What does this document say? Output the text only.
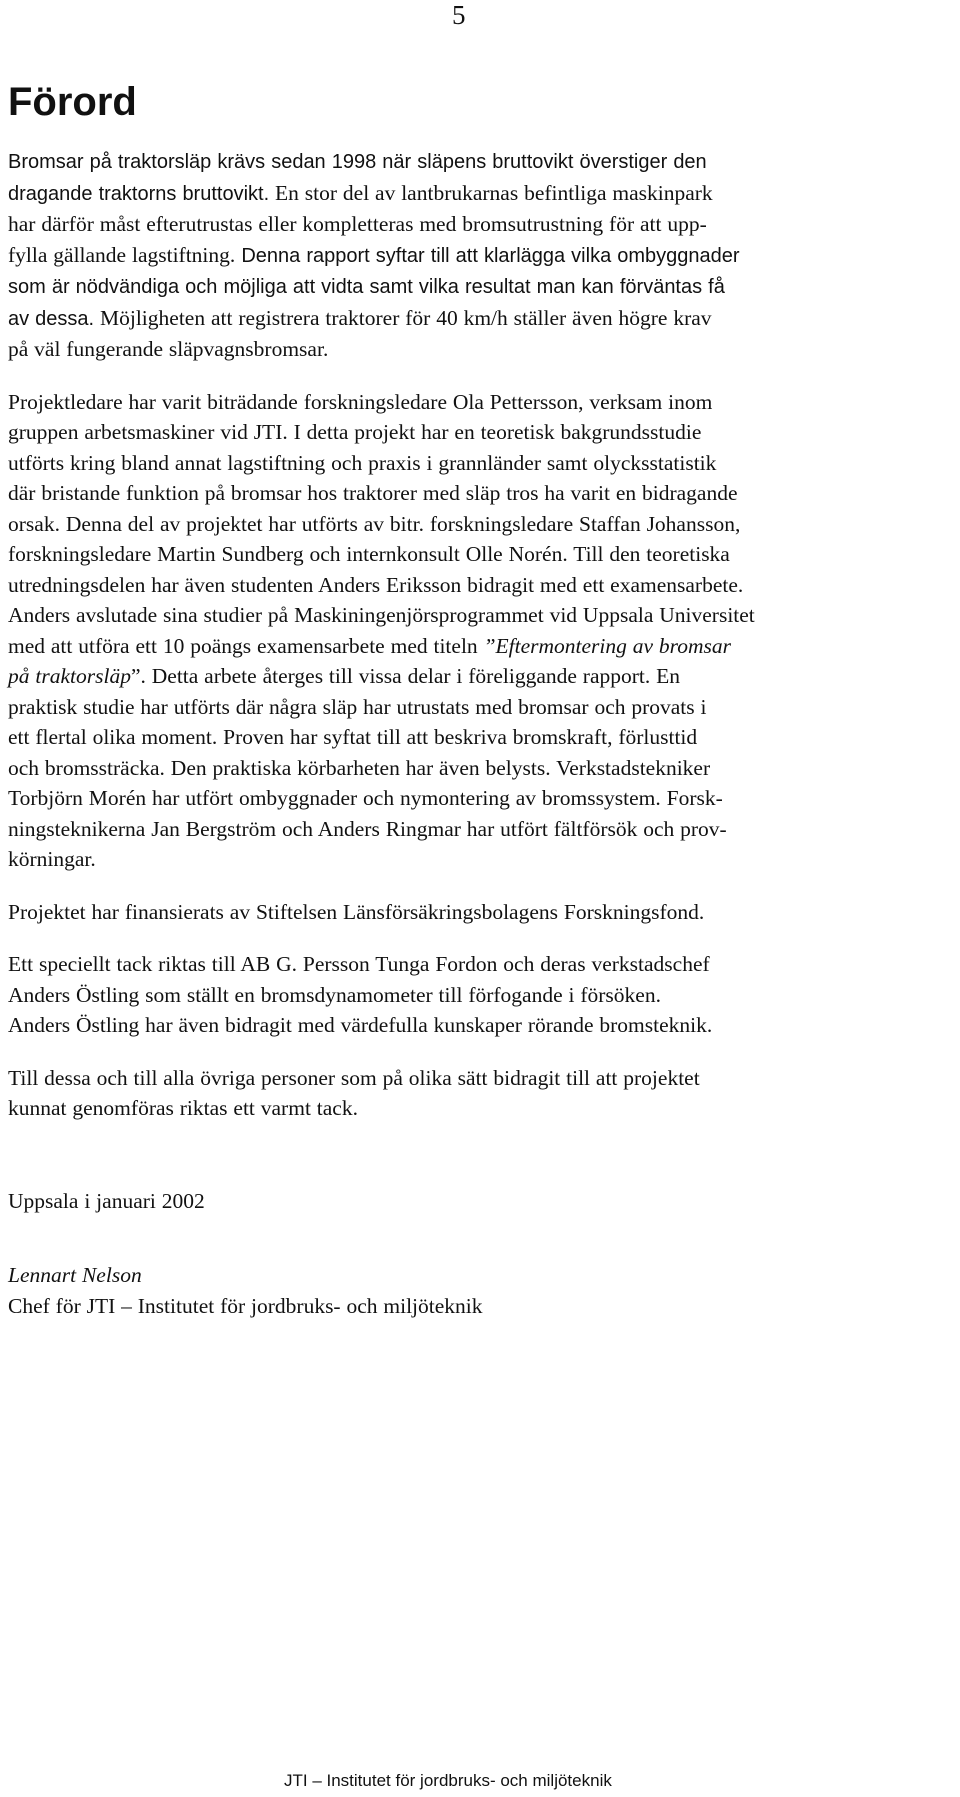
5
Förord

Bromsar på traktorsläp krävs sedan 1998 när släpens bruttovikt överstiger den
dragande traktorns bruttovikt. En stor del av lantbrukarnas befintliga maskinpark
har därför måst efterutrustas eller kompletteras med bromsutrustning för att upp-
fylla gällande lagstiftning. Denna rapport syftar till att klarlägga vilka ombyggnader
som är nödvändiga och möjliga att vidta samt vilka resultat man kan förväntas få
av dessa. Möjligheten att registrera traktorer för 40 km/h ställer även högre krav
på väl fungerande släpvagnsbromsar.

Projektledare har varit biträdande forskningsledare Ola Pettersson, verksam inom
gruppen arbetsmaskiner vid JTI. I detta projekt har en teoretisk bakgrundsstudie
utförts kring bland annat lagstiftning och praxis i grannländer samt olycksstatistik
där bristande funktion på bromsar hos traktorer med släp tros ha varit en bidragande
orsak. Denna del av projektet har utförts av bitr. forskningsledare Staffan Johansson,
forskningsledare Martin Sundberg och internkonsult Olle Norén. Till den teoretiska
utredningsdelen har även studenten Anders Eriksson bidragit med ett examensarbete.
Anders avslutade sina studier på Maskiningenjörsprogrammet vid Uppsala Universitet
med att utföra ett 10 poängs examensarbete med titeln ”Eftermontering av bromsar
på traktorsläp”. Detta arbete återges till vissa delar i föreliggande rapport. En
praktisk studie har utförts där några släp har utrustats med bromsar och provats i
ett flertal olika moment. Proven har syftat till att beskriva bromskraft, förlusttid
och bromssträcka. Den praktiska körbarheten har även belysts. Verkstadstekniker
Torbjörn Morén har utfört ombyggnader och nymontering av bromssystem. Forsk-
ningsteknikerna Jan Bergström och Anders Ringmar har utfört fältförsök och prov-
körningar.

Projektet har finansierats av Stiftelsen Länsförsäkringsbolagens Forskningsfond.

Ett speciellt tack riktas till AB G. Persson Tunga Fordon och deras verkstadschef
Anders Östling som ställt en bromsdynamometer till förfogande i försöken.
Anders Östling har även bidragit med värdefulla kunskaper rörande bromsteknik.

Till dessa och till alla övriga personer som på olika sätt bidragit till att projektet
kunnat genomföras riktas ett varmt tack.

Uppsala i januari 2002

Lennart Nelson
Chef för JTI – Institutet för jordbruks- och miljöteknik

JTI – Institutet för jordbruks- och miljöteknik
